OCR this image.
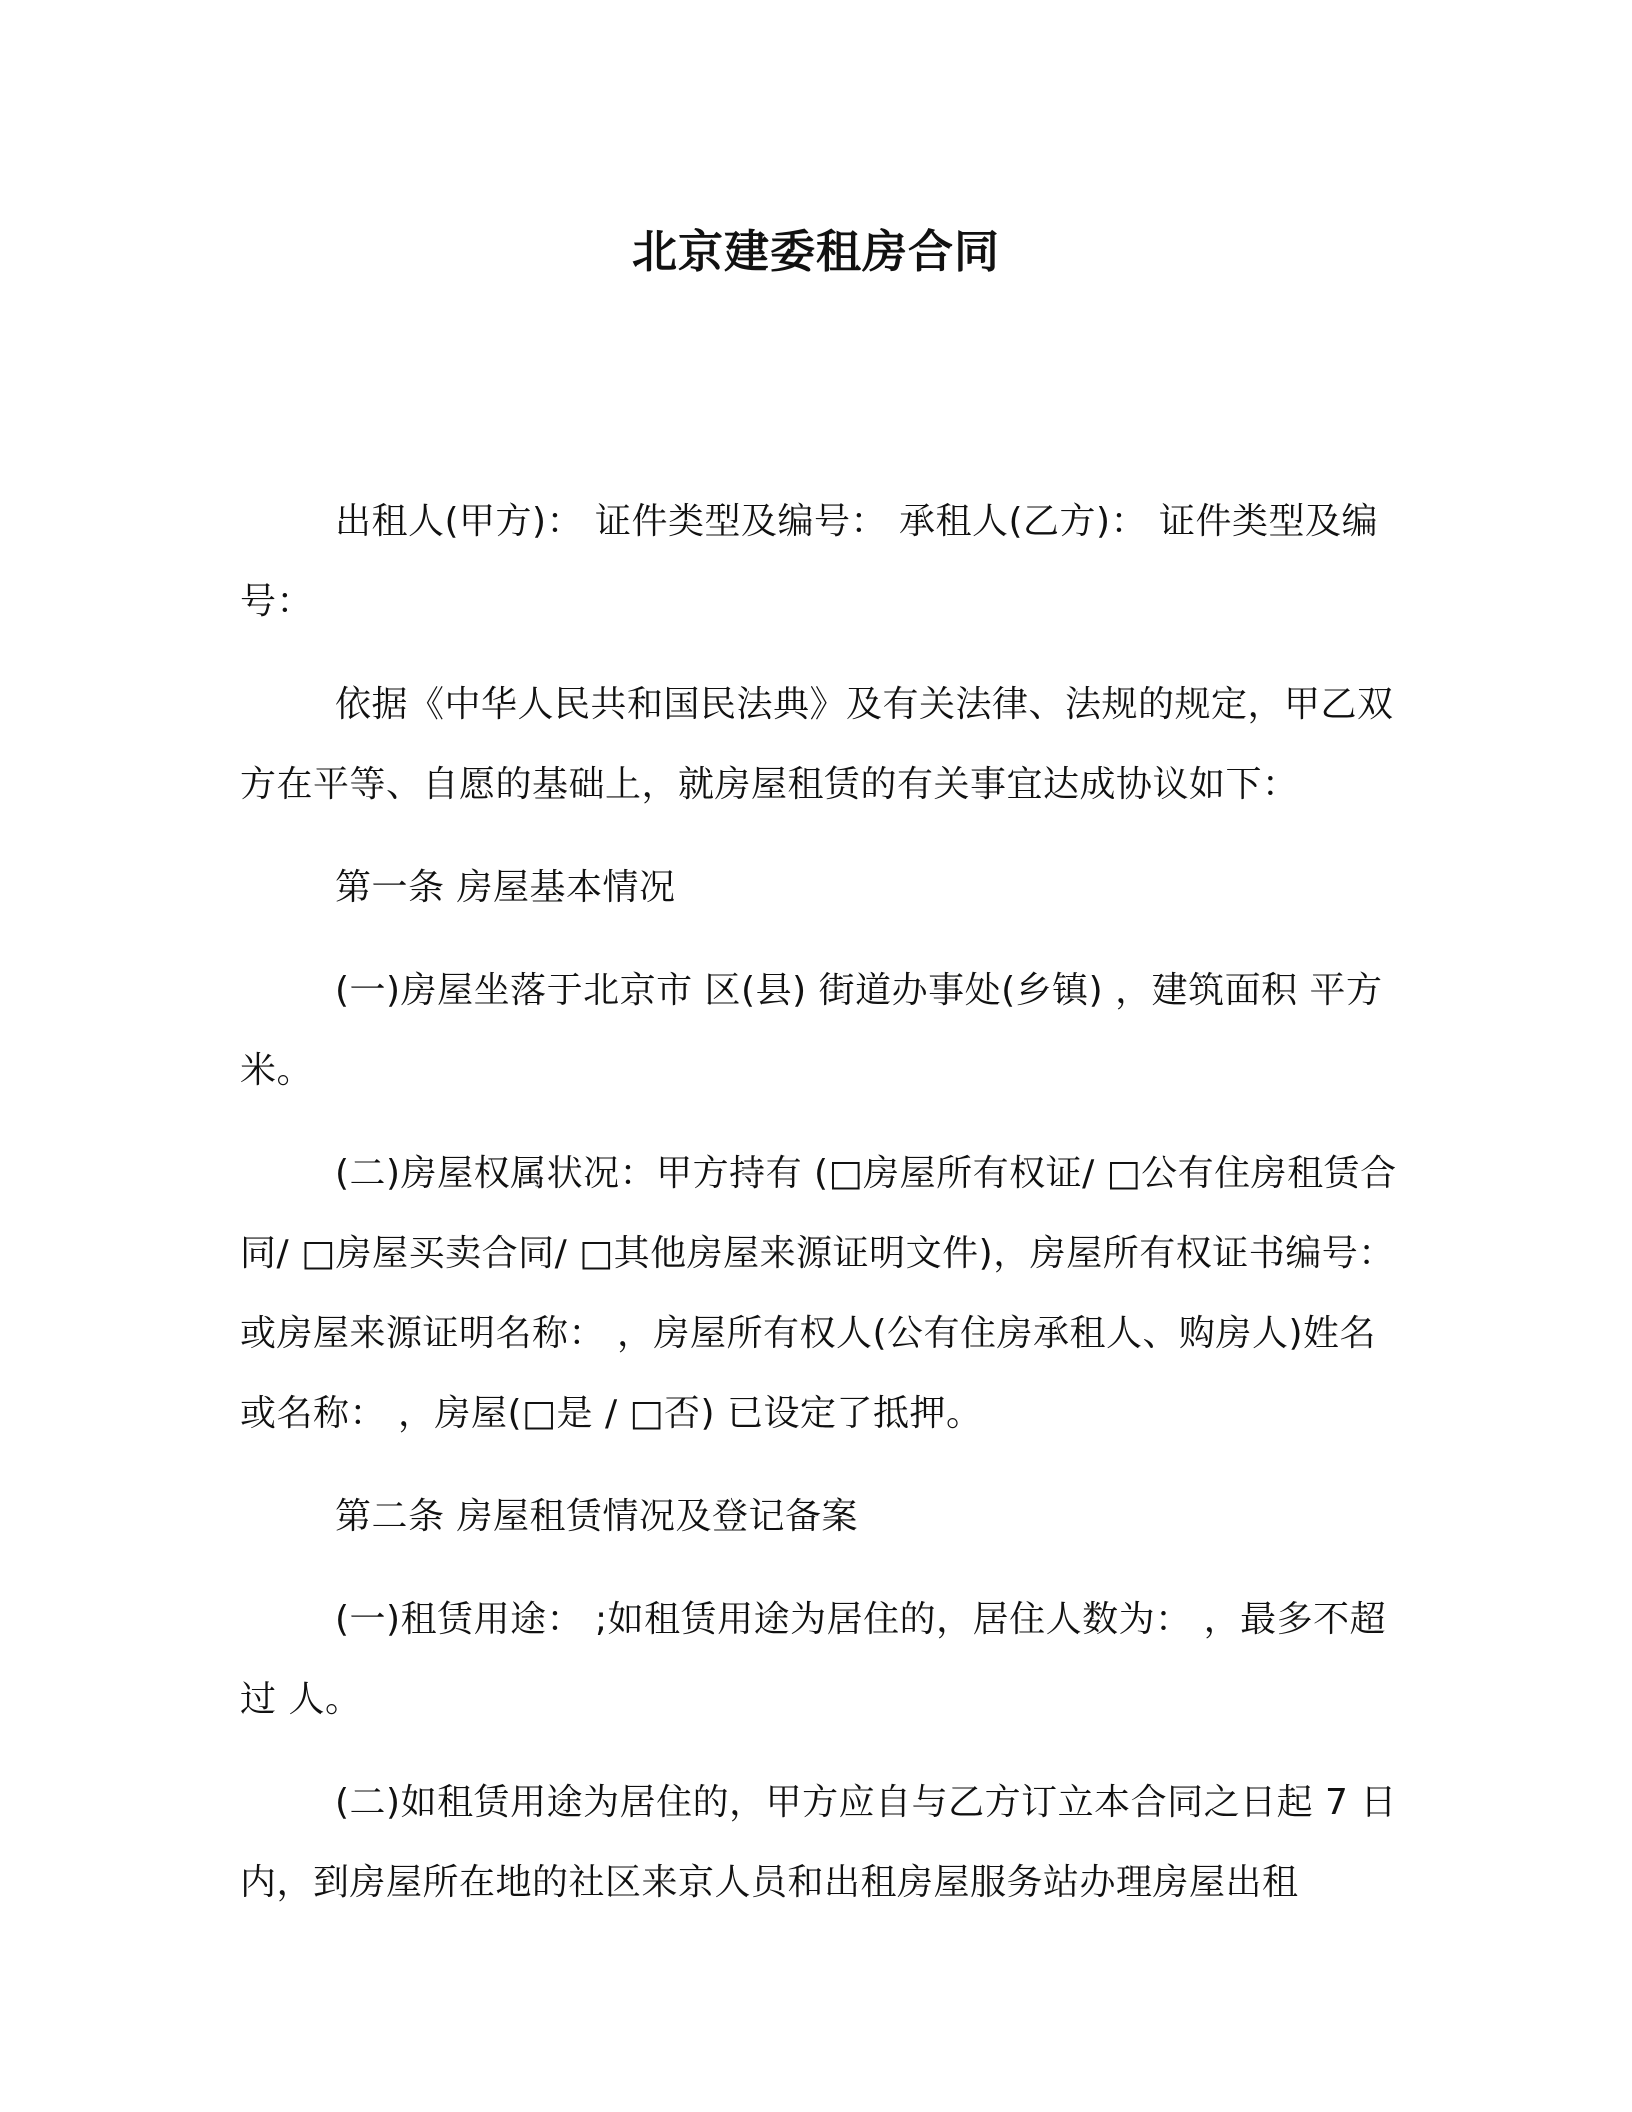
北京建委租房合同

出租人(甲方)： 证件类型及编号： 承租人(乙方)： 证件类型及编号：

依据《中华人民共和国民法典》及有关法律、法规的规定，甲乙双方在平等、自愿的基础上，就房屋租赁的有关事宜达成协议如下：

第一条 房屋基本情况

(一)房屋坐落于北京市 区(县) 街道办事处(乡镇) ，建筑面积 平方米。

(二)房屋权属状况：甲方持有 (□房屋所有权证/ □公有住房租赁合同/ □房屋买卖合同/ □其他房屋来源证明文件)，房屋所有权证书编号： 或房屋来源证明名称： ，房屋所有权人(公有住房承租人、购房人)姓名或名称： ，房屋(□是 / □否) 已设定了抵押。

第二条 房屋租赁情况及登记备案

(一)租赁用途： ;如租赁用途为居住的，居住人数为： ，最多不超过 人。

(二)如租赁用途为居住的，甲方应自与乙方订立本合同之日起 7 日内，到房屋所在地的社区来京人员和出租房屋服务站办理房屋出租
